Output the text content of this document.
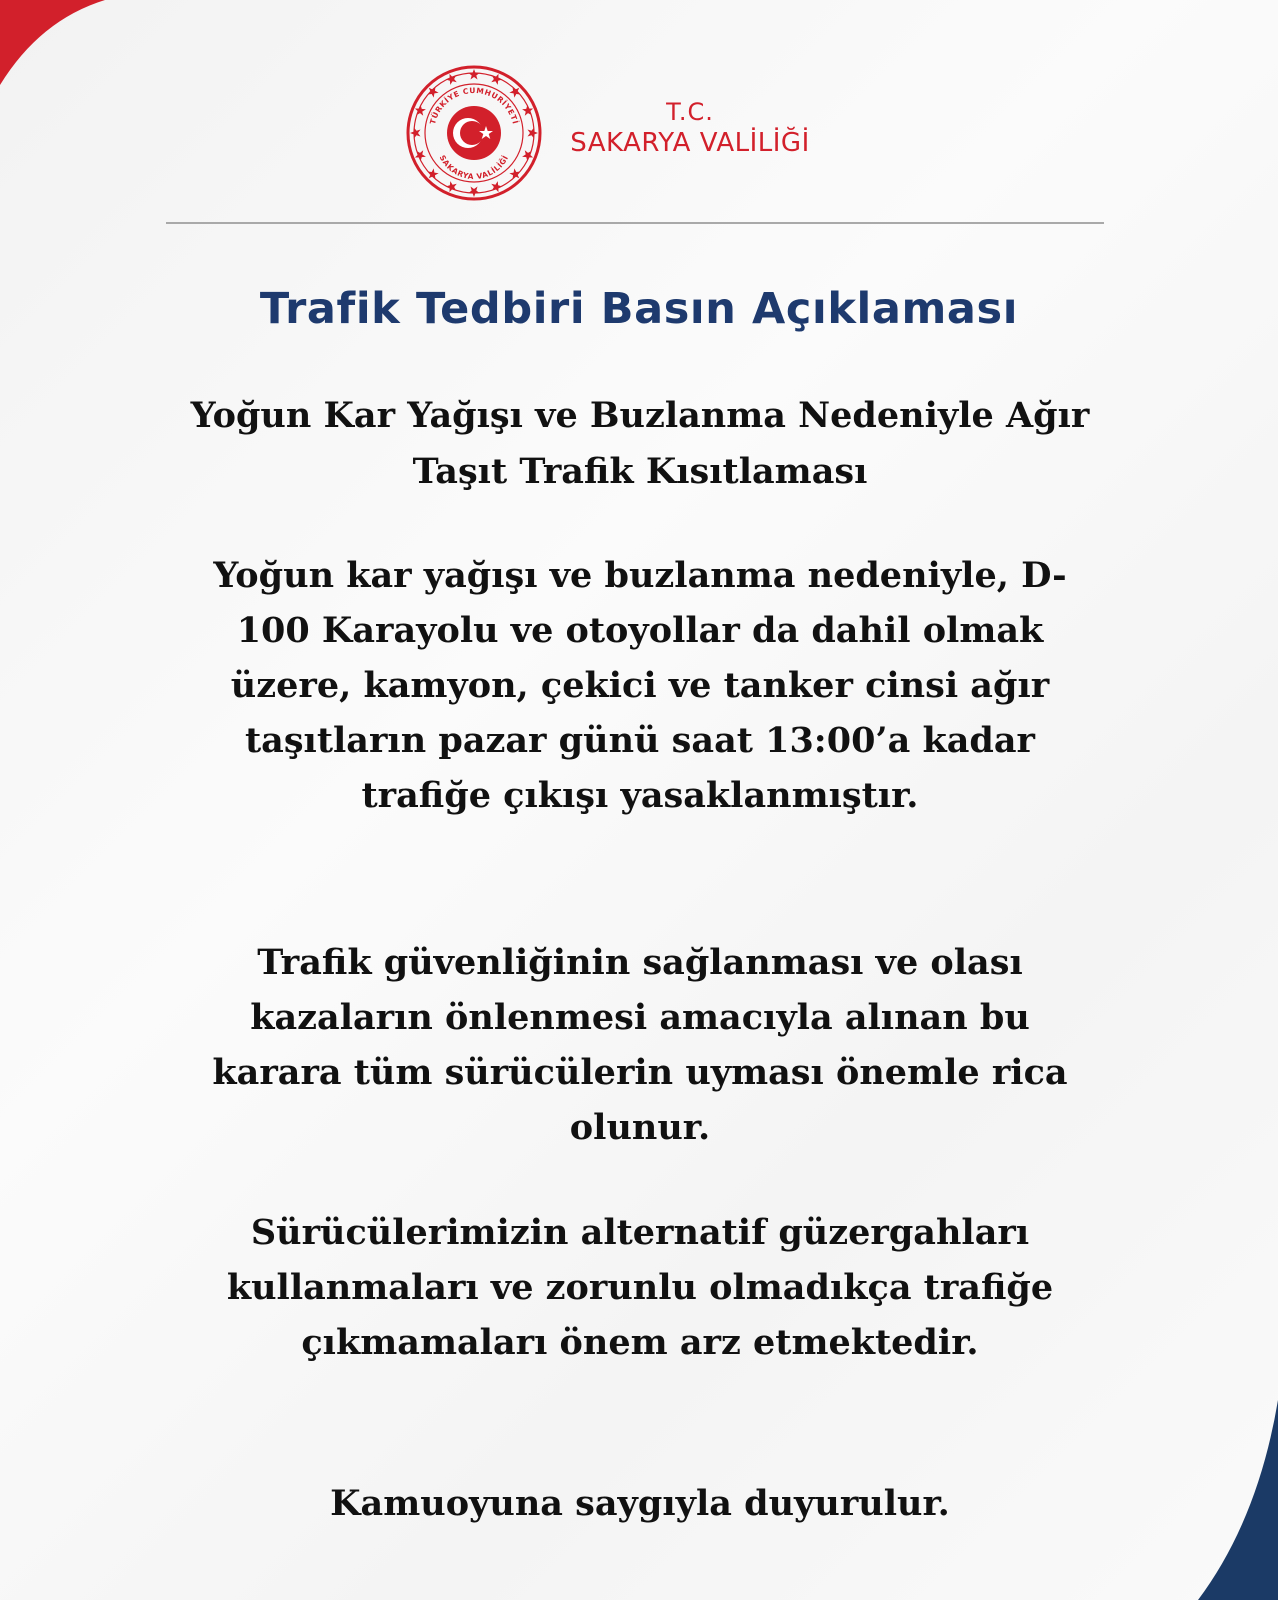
TÜRKİYE CUMHURİYETİ
SAKARYA VALİLİĞİ
T.C.
SAKARYA VALİLİĞİ
Trafik Tedbiri Basın Açıklaması

Yoğun Kar Yağışı ve Buzlanma Nedeniyle Ağır Taşıt Trafik Kısıtlaması

Yoğun kar yağışı ve buzlanma nedeniyle, D-100 Karayolu ve otoyollar da dahil olmak üzere, kamyon, çekici ve tanker cinsi ağır taşıtların pazar günü saat 13:00’a kadar trafiğe çıkışı yasaklanmıştır.

Trafik güvenliğinin sağlanması ve olası kazaların önlenmesi amacıyla alınan bu karara tüm sürücülerin uyması önemle rica olunur.

Sürücülerimizin alternatif güzergahları kullanmaları ve zorunlu olmadıkça trafiğe çıkmamaları önem arz etmektedir.

Kamuoyuna saygıyla duyurulur.
